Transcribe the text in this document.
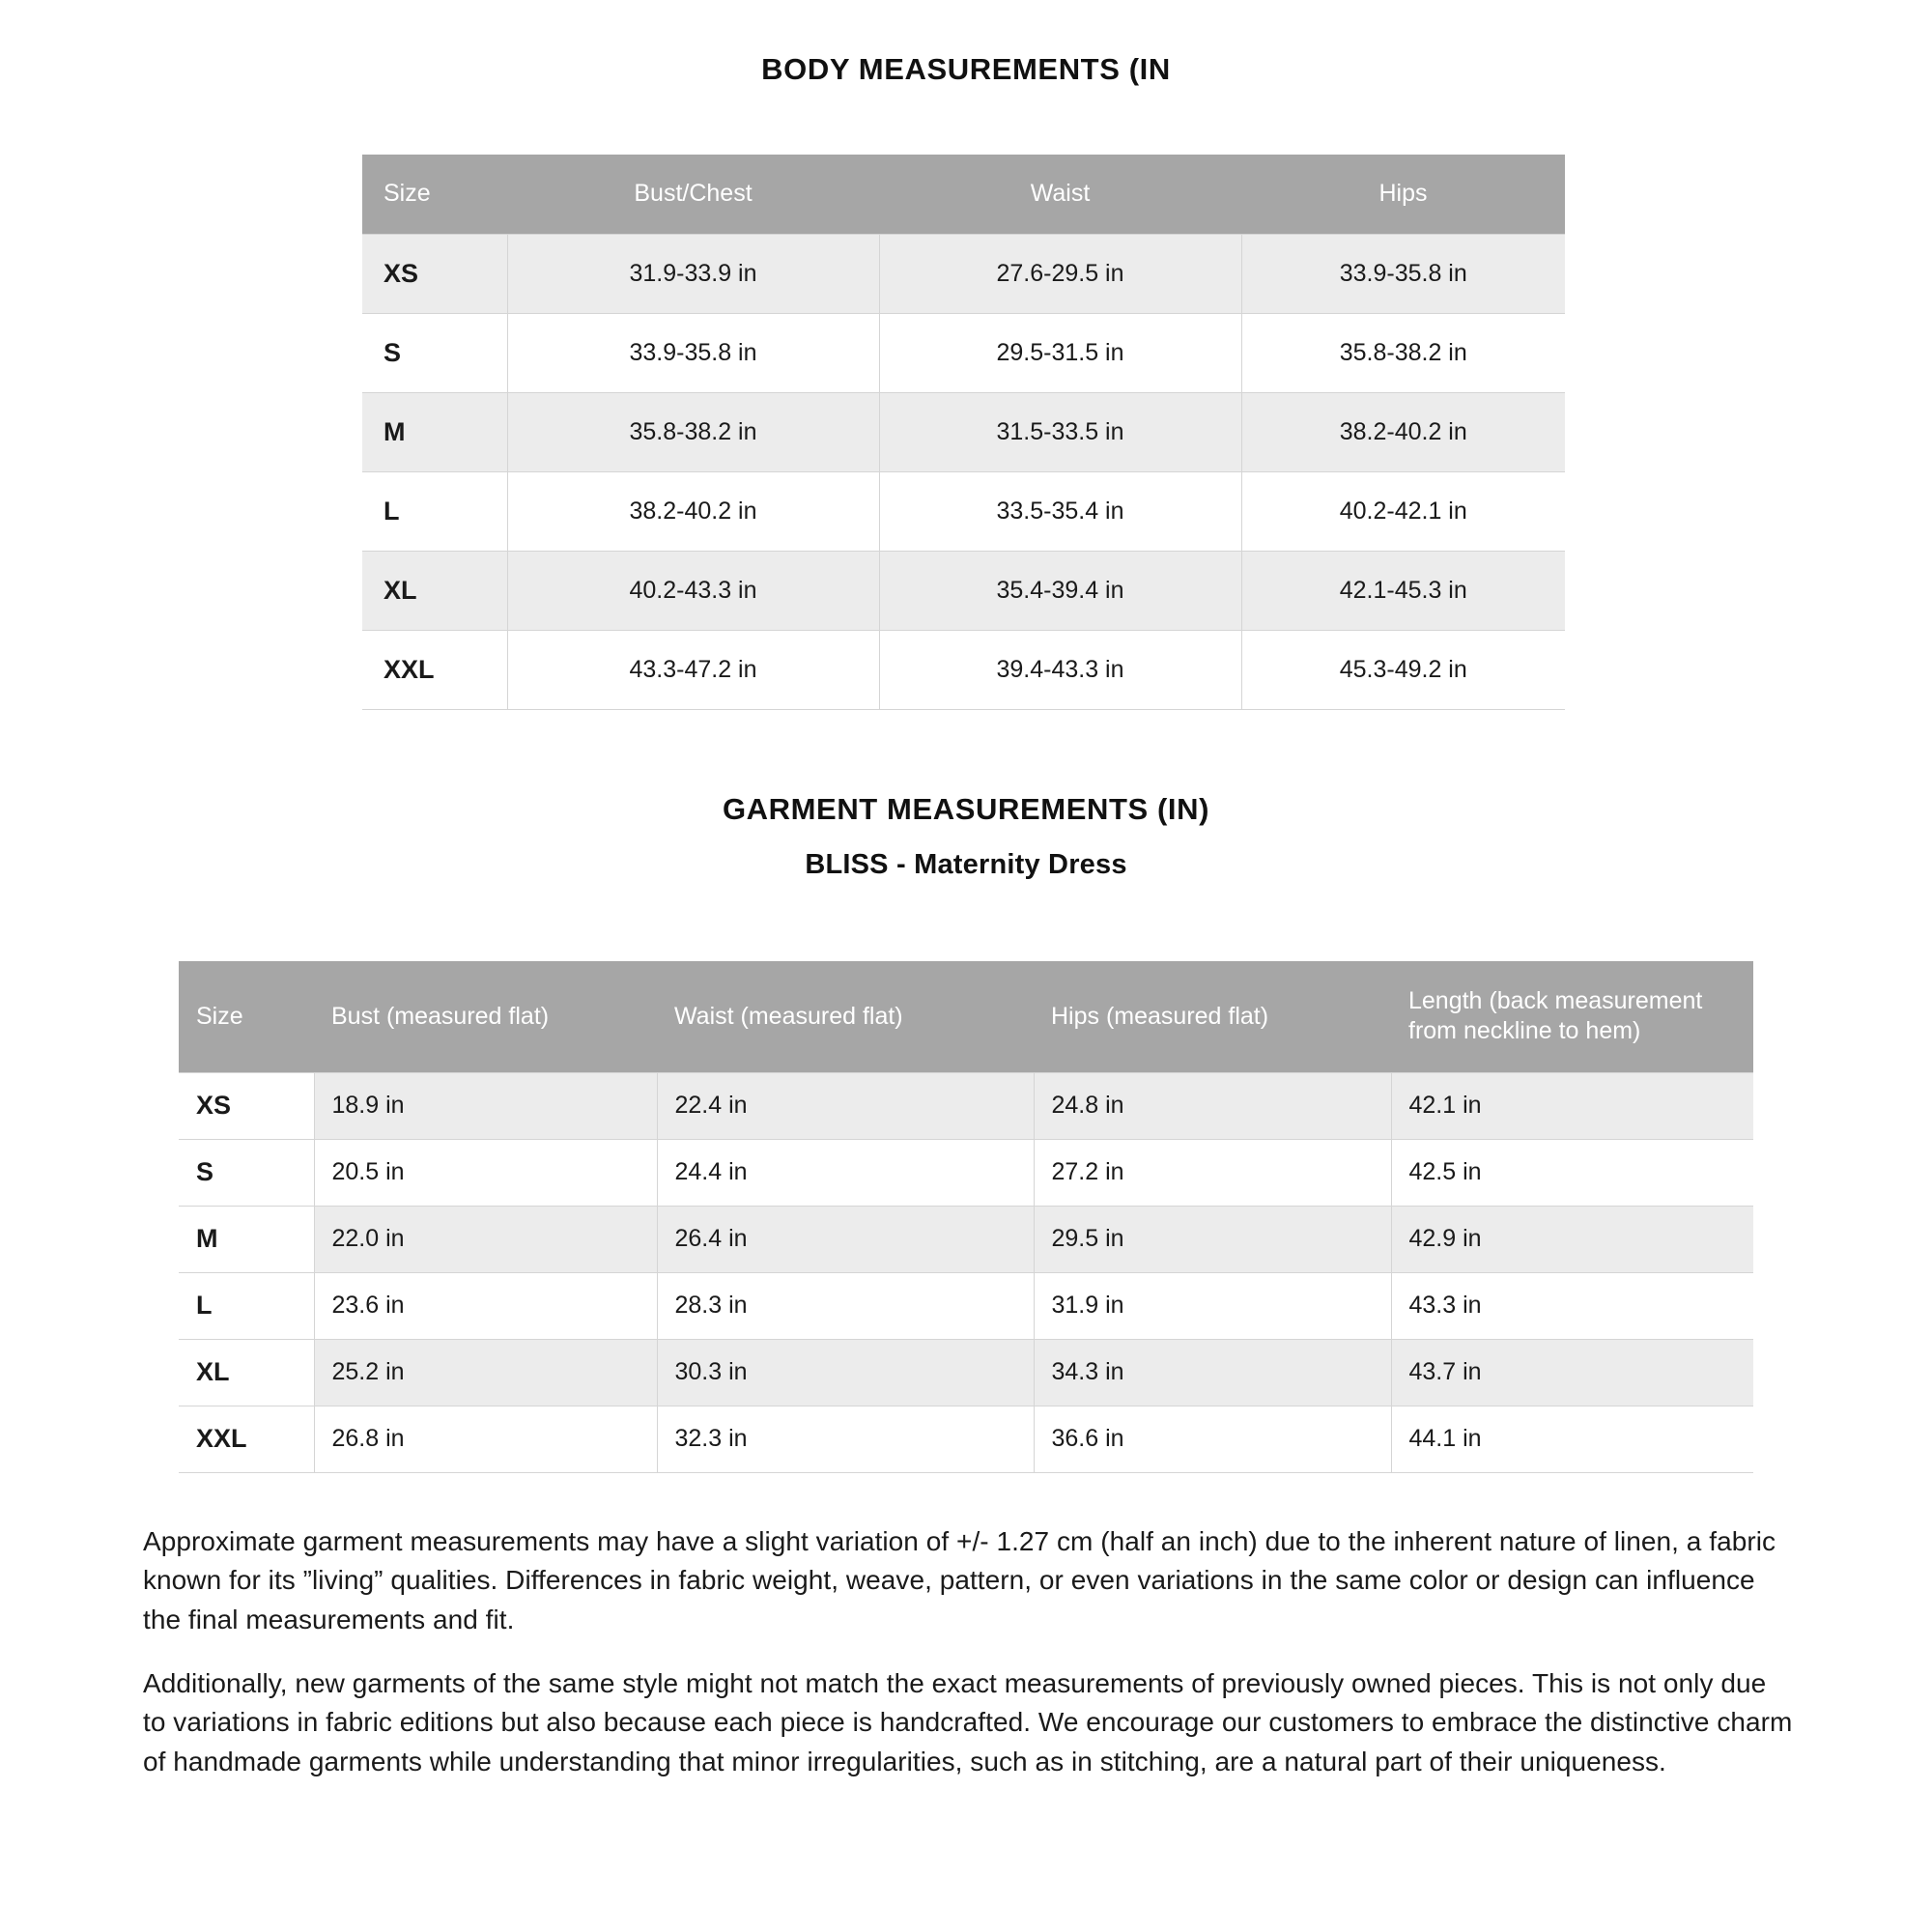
BODY MEASUREMENTS (IN
Size	Bust/Chest	Waist	Hips
XS	31.9-33.9 in	27.6-29.5 in	33.9-35.8 in
S	33.9-35.8 in	29.5-31.5 in	35.8-38.2 in
M	35.8-38.2 in	31.5-33.5 in	38.2-40.2 in
L	38.2-40.2 in	33.5-35.4 in	40.2-42.1 in
XL	40.2-43.3 in	35.4-39.4 in	42.1-45.3 in
XXL	43.3-47.2 in	39.4-43.3 in	45.3-49.2 in
GARMENT MEASUREMENTS (IN)
BLISS - Maternity Dress
Size	Bust (measured flat)	Waist (measured flat)	Hips (measured flat)	Length (back measurement from neckline to hem)
XS	18.9 in	22.4 in	24.8 in	42.1 in
S	20.5 in	24.4 in	27.2 in	42.5 in
M	22.0 in	26.4 in	29.5 in	42.9 in
L	23.6 in	28.3 in	31.9 in	43.3 in
XL	25.2 in	30.3 in	34.3 in	43.7 in
XXL	26.8 in	32.3 in	36.6 in	44.1 in

Approximate garment measurements may have a slight variation of +/- 1.27 cm (half an inch) due to the inherent nature of linen, a fabric known for its ”living” qualities. Differences in fabric weight, weave, pattern, or even variations in the same color or design can influence the final measurements and fit.

Additionally, new garments of the same style might not match the exact measurements of previously owned pieces. This is not only due to variations in fabric editions but also because each piece is handcrafted. We encourage our customers to embrace the distinctive charm of handmade garments while understanding that minor irregularities, such as in stitching, are a natural part of their uniqueness.
